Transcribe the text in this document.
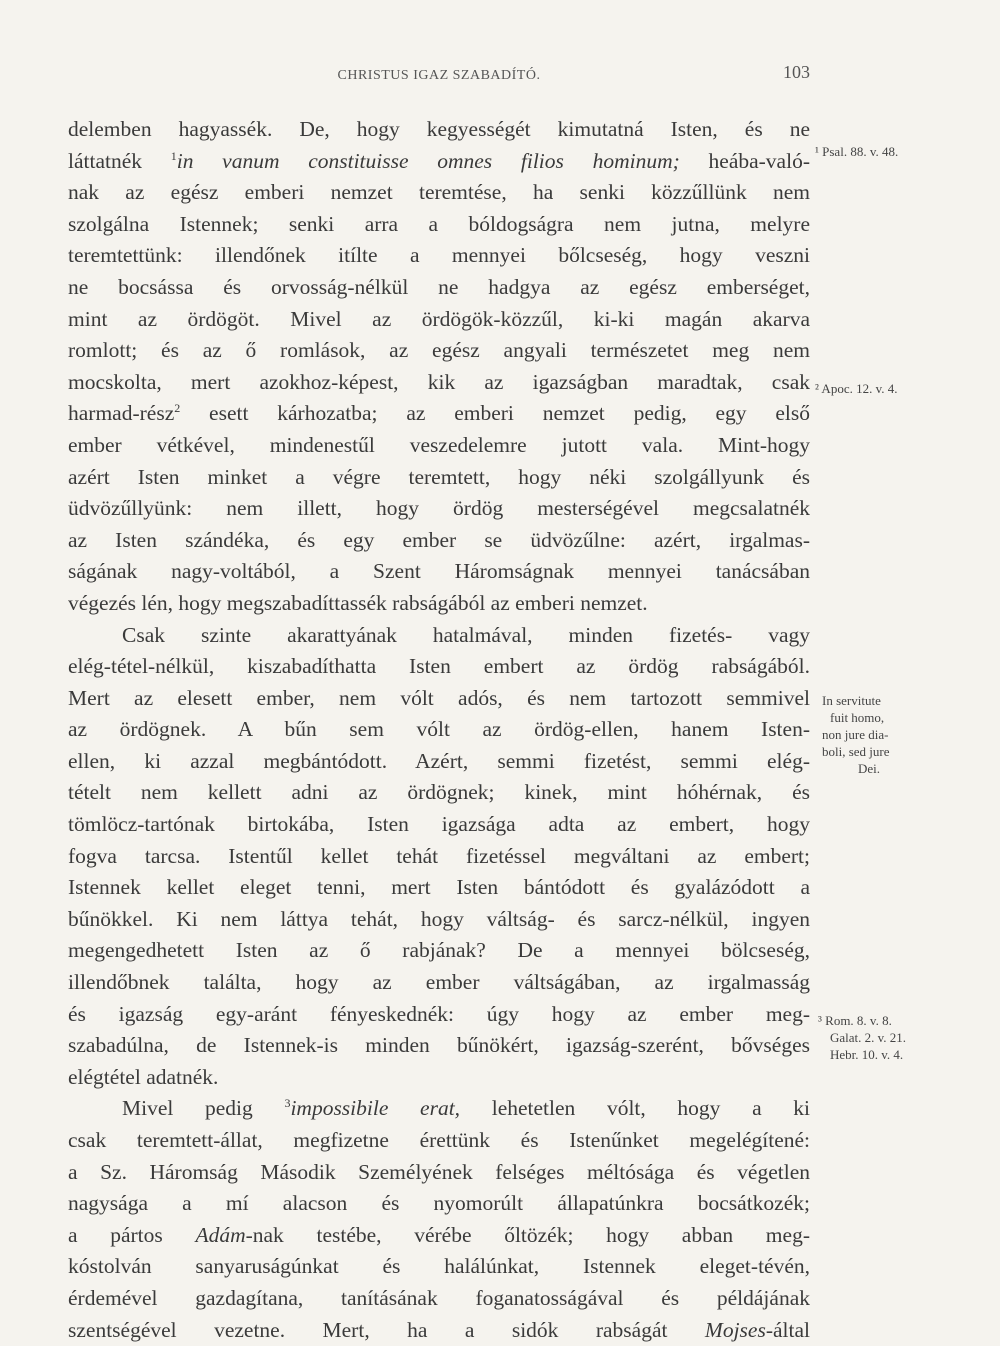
CHRISTUS IGAZ SZABADÍTÓ.	103
delemben hagyassék. De, hogy kegyességét kimutatná Isten, és ne
láttatnék $^1$in vanum constituisse omnes filios hominum; heába-való-
nak az egész emberi nemzet teremtése, ha senki közzűllünk nem
szolgálna Istennek; senki arra a bóldogságra nem jutna, melyre
teremtettünk: illendőnek itílte a mennyei bőlcseség, hogy veszni
ne bocsássa és orvosság-nélkül ne hadgya az egész emberséget,
mint az ördögöt. Mivel az ördögök-közzűl, ki-ki magán akarva
romlott; és az ő romlások, az egész angyali természetet meg nem
mocskolta, mert azokhoz-képest, kik az igazságban maradtak, csak
harmad-rész$^2$ esett kárhozatba; az emberi nemzet pedig, egy első
ember vétkével, mindenestűl veszedelemre jutott vala. Mint-hogy
azért Isten minket a végre teremtett, hogy néki szolgállyunk és
üdvözűllyünk: nem illett, hogy ördög mesterségével megcsalatnék
az Isten szándéka, és egy ember se üdvözűlne: azért, irgalmas-
ságának nagy-voltából, a Szent Háromságnak mennyei tanácsában
végezés lén, hogy megszabadíttassék rabságából az emberi nemzet.
Csak szinte akarattyának hatalmával, minden fizetés- vagy
elég-tétel-nélkül, kiszabadíthatta Isten embert az ördög rabságából.
Mert az elesett ember, nem vólt adós, és nem tartozott semmivel
az ördögnek. A bűn sem vólt az ördög-ellen, hanem Isten-
ellen, ki azzal megbántódott. Azért, semmi fizetést, semmi elég-
tételt nem kellett adni az ördögnek; kinek, mint hóhérnak, és
tömlöcz-tartónak birtokába, Isten igazsága adta az embert, hogy
fogva tarcsa. Istentűl kellet tehát fizetéssel megváltani az embert;
Istennek kellet eleget tenni, mert Isten bántódott és gyalázódott a
bűnökkel. Ki nem láttya tehát, hogy váltság- és sarcz-nélkül, ingyen
megengedhetett Isten az ő rabjának? De a mennyei bölcseség,
illendőbnek találta, hogy az ember váltságában, az irgalmasság
és igazság egy-aránt fényeskednék: úgy hogy az ember meg-
szabadúlna, de Istennek-is minden bűnökért, igazság-szerént, bővséges
elégtétel adatnék.
Mivel pedig $^3$impossibile erat, lehetetlen vólt, hogy a ki
csak teremtett-állat, megfizetne érettünk és Istenűnket megelégítené:
a Sz. Háromság Második Személyének felséges méltósága és végetlen
nagysága a mí alacson és nyomorúlt állapatúnkra bocsátkozék;
a pártos Adám-nak testébe, vérébe őltözék; hogy abban meg-
kóstolván sanyaruságúnkat és halálúnkat, Istennek eleget-tévén,
érdemével gazdagítana, tanításának foganatosságával és példájának
szentségével vezetne. Mert, ha a sidók rabságát Mojses-által
¹ Psal. 88. v. 48.
² Apoc. 12. v. 4.
In servitute
fuit homo,
non jure dia-
boli, sed jure
Dei.
³ Rom. 8. v. 8.
Galat. 2. v. 21.
Hebr. 10. v. 4.
